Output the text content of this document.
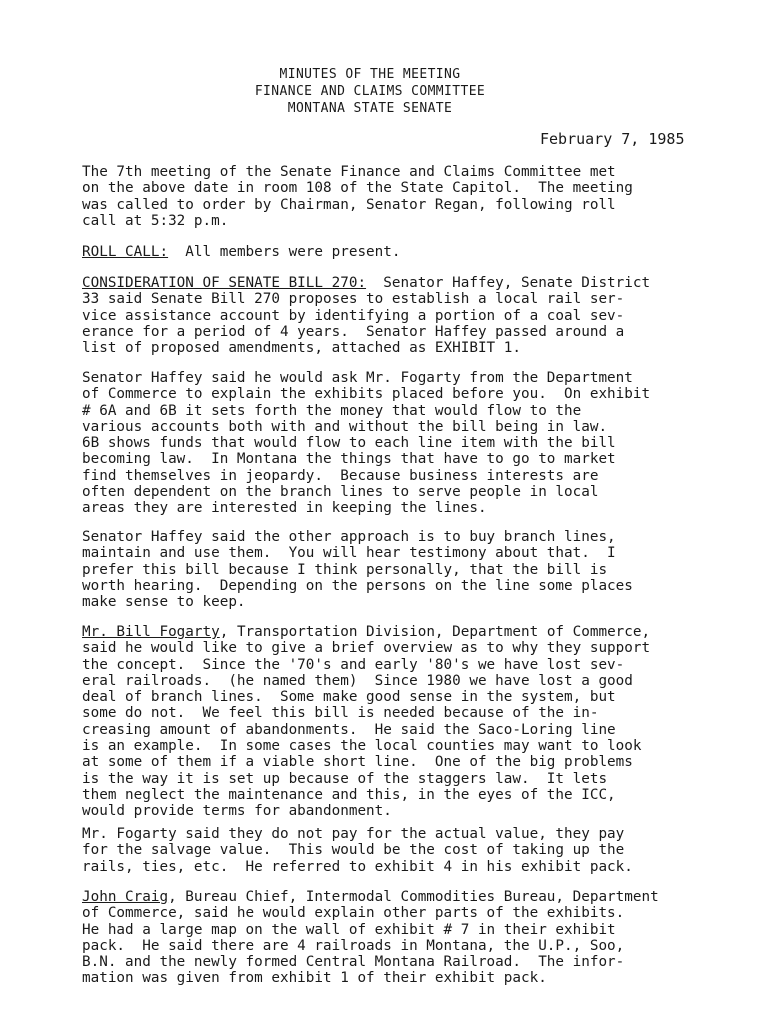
MINUTES OF THE MEETING
FINANCE AND CLAIMS COMMITTEE
MONTANA STATE SENATE
February 7, 1985
The 7th meeting of the Senate Finance and Claims Committee met
on the above date in room 108 of the State Capitol.  The meeting
was called to order by Chairman, Senator Regan, following roll
call at 5:32 p.m.
ROLL CALL:  All members were present.
CONSIDERATION OF SENATE BILL 270:  Senator Haffey, Senate District
33 said Senate Bill 270 proposes to establish a local rail ser-
vice assistance account by identifying a portion of a coal sev-
erance for a period of 4 years.  Senator Haffey passed around a
list of proposed amendments, attached as EXHIBIT 1.
Senator Haffey said he would ask Mr. Fogarty from the Department
of Commerce to explain the exhibits placed before you.  On exhibit
# 6A and 6B it sets forth the money that would flow to the
various accounts both with and without the bill being in law.
6B shows funds that would flow to each line item with the bill
becoming law.  In Montana the things that have to go to market
find themselves in jeopardy.  Because business interests are
often dependent on the branch lines to serve people in local
areas they are interested in keeping the lines.
Senator Haffey said the other approach is to buy branch lines,
maintain and use them.  You will hear testimony about that.  I
prefer this bill because I think personally, that the bill is
worth hearing.  Depending on the persons on the line some places
make sense to keep.
Mr. Bill Fogarty, Transportation Division, Department of Commerce,
said he would like to give a brief overview as to why they support
the concept.  Since the '70's and early '80's we have lost sev-
eral railroads.  (he named them)  Since 1980 we have lost a good
deal of branch lines.  Some make good sense in the system, but
some do not.  We feel this bill is needed because of the in-
creasing amount of abandonments.  He said the Saco-Loring line
is an example.  In some cases the local counties may want to look
at some of them if a viable short line.  One of the big problems
is the way it is set up because of the staggers law.  It lets
them neglect the maintenance and this, in the eyes of the ICC,
would provide terms for abandonment.
Mr. Fogarty said they do not pay for the actual value, they pay
for the salvage value.  This would be the cost of taking up the
rails, ties, etc.  He referred to exhibit 4 in his exhibit pack.
John Craig, Bureau Chief, Intermodal Commodities Bureau, Department
of Commerce, said he would explain other parts of the exhibits.
He had a large map on the wall of exhibit # 7 in their exhibit
pack.  He said there are 4 railroads in Montana, the U.P., Soo,
B.N. and the newly formed Central Montana Railroad.  The infor-
mation was given from exhibit 1 of their exhibit pack.
